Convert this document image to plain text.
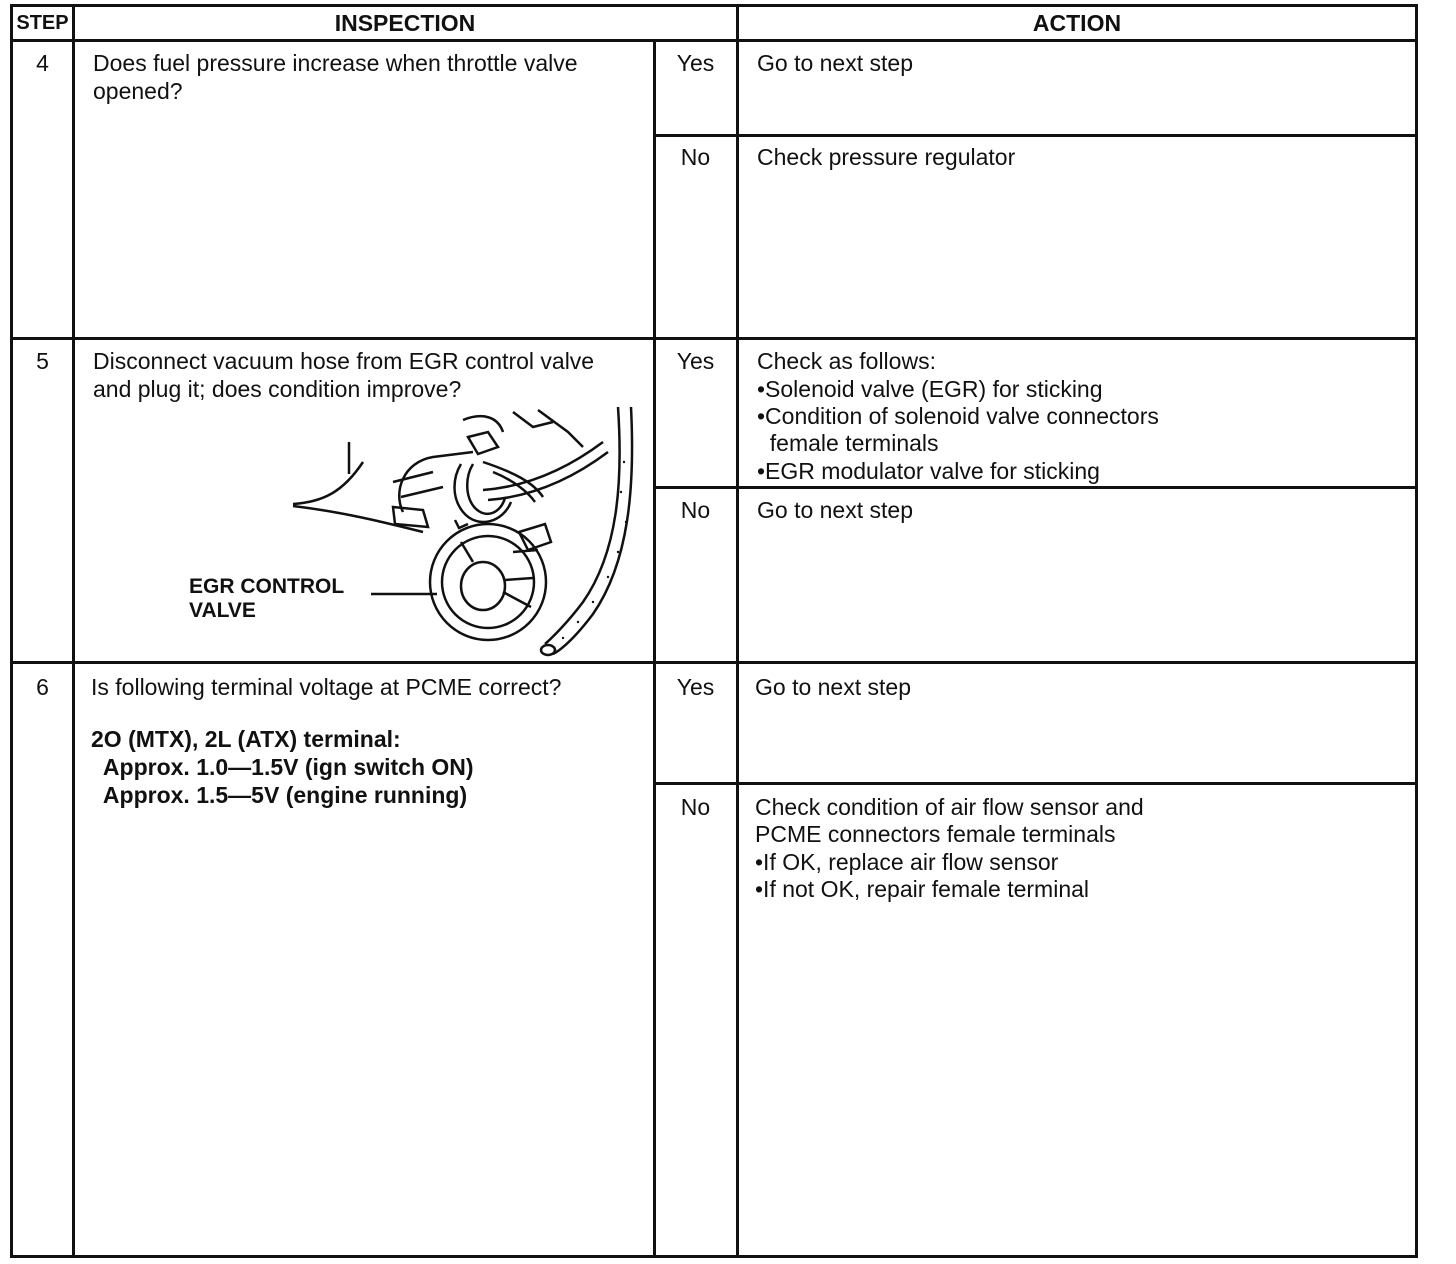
STEP	INSPECTION	ACTION
4	Does fuel pressure increase when throttle valve
opened?
Yes	Go to next step
No	Check pressure regulator
5	Disconnect vacuum hose from EGR control valve
and plug it; does condition improve?
EGR CONTROL
VALVE
Yes	Check as follows:
•Solenoid valve (EGR) for sticking
•Condition of solenoid valve connectors
female terminals
•EGR modulator valve for sticking
No	Go to next step
6	Is following terminal voltage at PCME correct?
2O (MTX), 2L (ATX) terminal:
Approx. 1.0—1.5V (ign switch ON)
Approx. 1.5—5V (engine running)
Yes	Go to next step
No	Check condition of air flow sensor and
PCME connectors female terminals
•If OK, replace air flow sensor
•If not OK, repair female terminal
